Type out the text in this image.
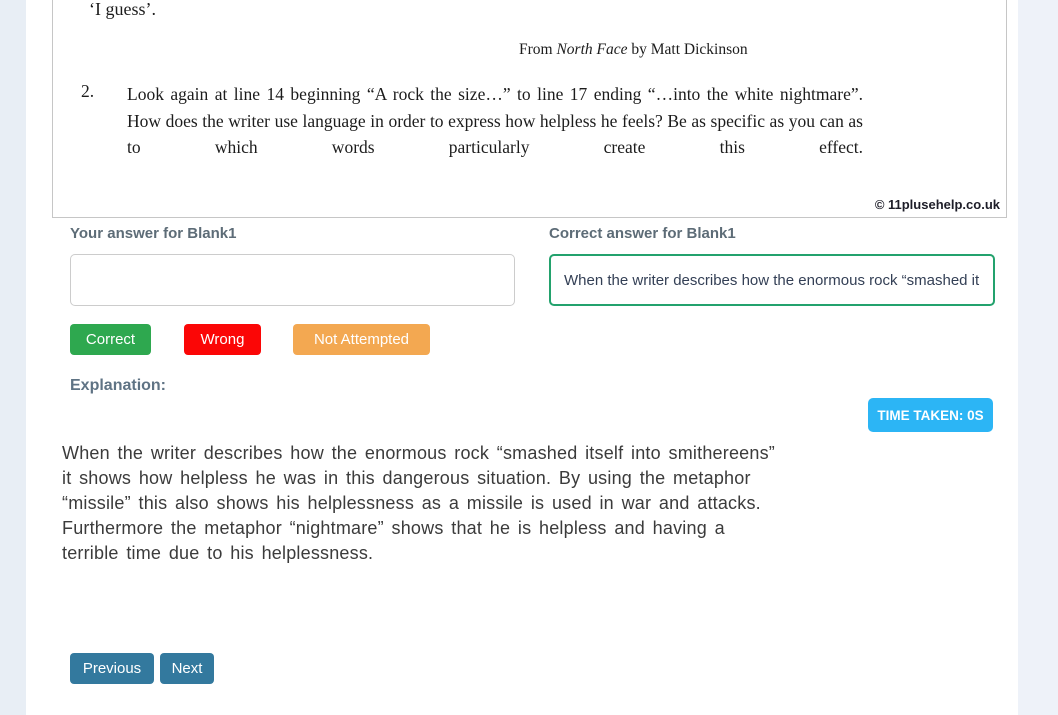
‘I guess’.
From North Face by Matt Dickinson
2. Look again at line 14 beginning “A rock the size…” to line 17 ending “…into the white nightmare”. How does the writer use language in order to express how helpless he feels? Be as specific as you can as to which words particularly create this effect.
© 11plusehelp.co.uk
Your answer for Blank1	Correct answer for Blank1
When the writer describes how the enormous rock “smashed it
Correct	Wrong	Not Attempted
Explanation:
TIME TAKEN: 0S
When the writer describes how the enormous rock “smashed itself into smithereens”
it shows how helpless he was in this dangerous situation. By using the metaphor
“missile” this also shows his helplessness as a missile is used in war and attacks.
Furthermore the metaphor “nightmare” shows that he is helpless and having a
terrible time due to his helplessness.
Previous	Next
